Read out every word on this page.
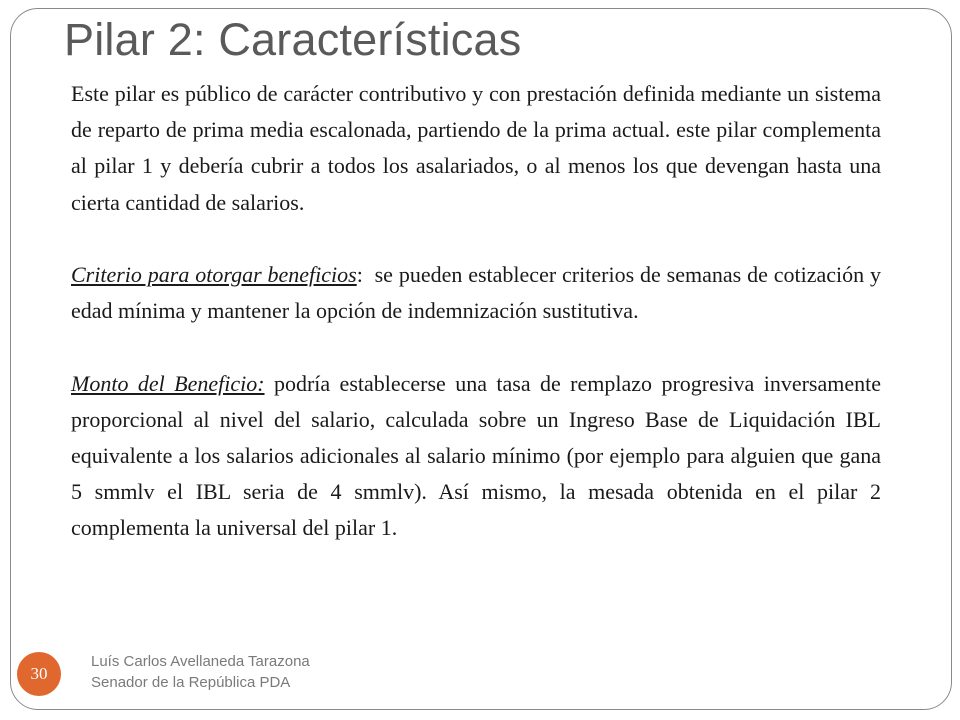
Pilar 2: Características

Este pilar es público de carácter contributivo y con prestación definida mediante un sistema de reparto de prima media escalonada, partiendo de la prima actual. este pilar complementa al pilar 1 y debería cubrir a todos los asalariados, o al menos los que devengan hasta una cierta cantidad de salarios.

Criterio para otorgar beneficios:  se pueden establecer criterios de semanas de cotización y edad mínima y mantener la opción de indemnización sustitutiva.

Monto del Beneficio: podría establecerse una tasa de remplazo progresiva inversamente proporcional al nivel del salario, calculada sobre un Ingreso Base de Liquidación IBL equivalente a los salarios adicionales al salario mínimo (por ejemplo para alguien que gana 5 smmlv el IBL seria de 4 smmlv). Así mismo, la mesada obtenida en el pilar 2 complementa la universal del pilar 1.

30
Luís Carlos Avellaneda Tarazona
Senador de la República PDA
